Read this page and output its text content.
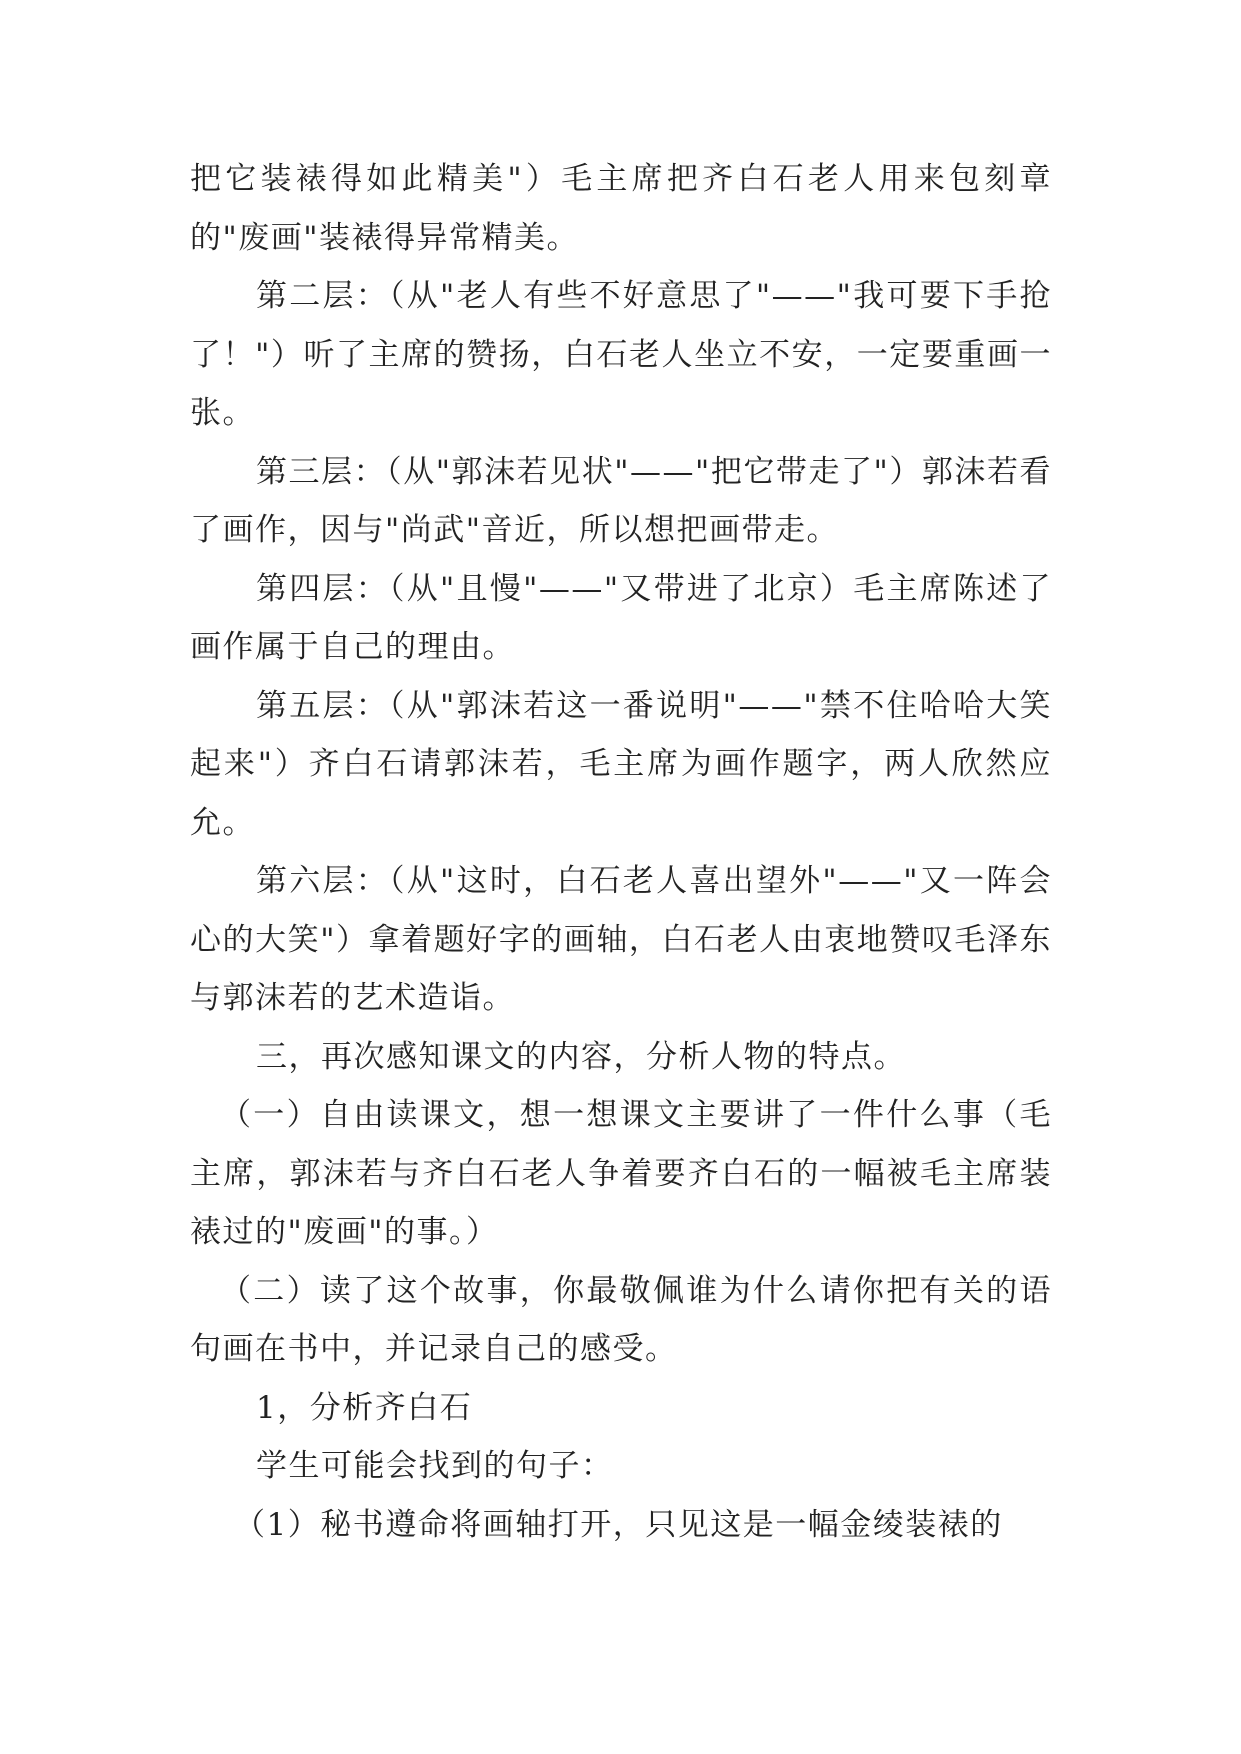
把它装裱得如此精美"）毛主席把齐白石老人用来包刻章的"废画"装裱得异常精美。

第二层：（从"老人有些不好意思了"——"我可要下手抢了！"）听了主席的赞扬，白石老人坐立不安，一定要重画一张。

第三层：（从"郭沫若见状"——"把它带走了"）郭沫若看了画作，因与"尚武"音近，所以想把画带走。

第四层：（从"且慢"——"又带进了北京）毛主席陈述了画作属于自己的理由。

第五层：（从"郭沫若这一番说明"——"禁不住哈哈大笑起来"）齐白石请郭沫若，毛主席为画作题字，两人欣然应允。

第六层：（从"这时，白石老人喜出望外"——"又一阵会心的大笑"）拿着题好字的画轴，白石老人由衷地赞叹毛泽东与郭沫若的艺术造诣。

三，再次感知课文的内容，分析人物的特点。

（一）自由读课文，想一想课文主要讲了一件什么事（毛主席，郭沫若与齐白石老人争着要齐白石的一幅被毛主席装裱过的"废画"的事。）

（二）读了这个故事，你最敬佩谁为什么请你把有关的语句画在书中，并记录自己的感受。

1，分析齐白石

学生可能会找到的句子：

（1）秘书遵命将画轴打开，只见这是一幅金绫装裱的
